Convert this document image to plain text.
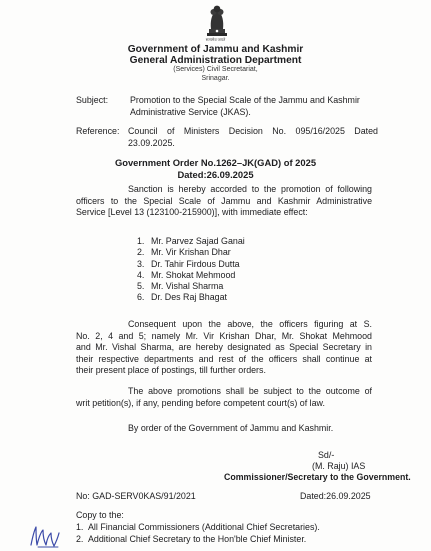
सत्यमेव जयते
Government of Jammu and Kashmir
General Administration Department
(Services) Civil Secretariat,
Srinagar.
Subject: Promotion to the Special Scale of the Jammu and Kashmir
Administrative Service (JKAS).
Reference: Council of Ministers Decision No. 095/16/2025 Dated
23.09.2025.
Government Order No.1262–JK(GAD) of 2025
Dated:26.09.2025
Sanction is hereby accorded to the promotion of following
officers to the Special Scale of Jammu and Kashmir Administrative
Service [Level 13 (123100-215900)], with immediate effect:
1. Mr. Parvez Sajad Ganai
2. Mr. Vir Krishan Dhar
3. Dr. Tahir Firdous Dutta
4. Mr. Shokat Mehmood
5. Mr. Vishal Sharma
6. Dr. Des Raj Bhagat
Consequent upon the above, the officers figuring at S.
No. 2, 4 and 5; namely Mr. Vir Krishan Dhar, Mr. Shokat Mehmood
and Mr. Vishal Sharma, are hereby designated as Special Secretary in
their respective departments and rest of the officers shall continue at
their present place of postings, till further orders.
The above promotions shall be subject to the outcome of
writ petition(s), if any, pending before competent court(s) of law.
By order of the Government of Jammu and Kashmir.
Sd/-
(M. Raju) IAS
Commissioner/Secretary to the Government.
No: GAD-SERV0KAS/91/2021	Dated:26.09.2025
Copy to the:
1. All Financial Commissioners (Additional Chief Secretaries).
2. Additional Chief Secretary to the Hon'ble Chief Minister.
